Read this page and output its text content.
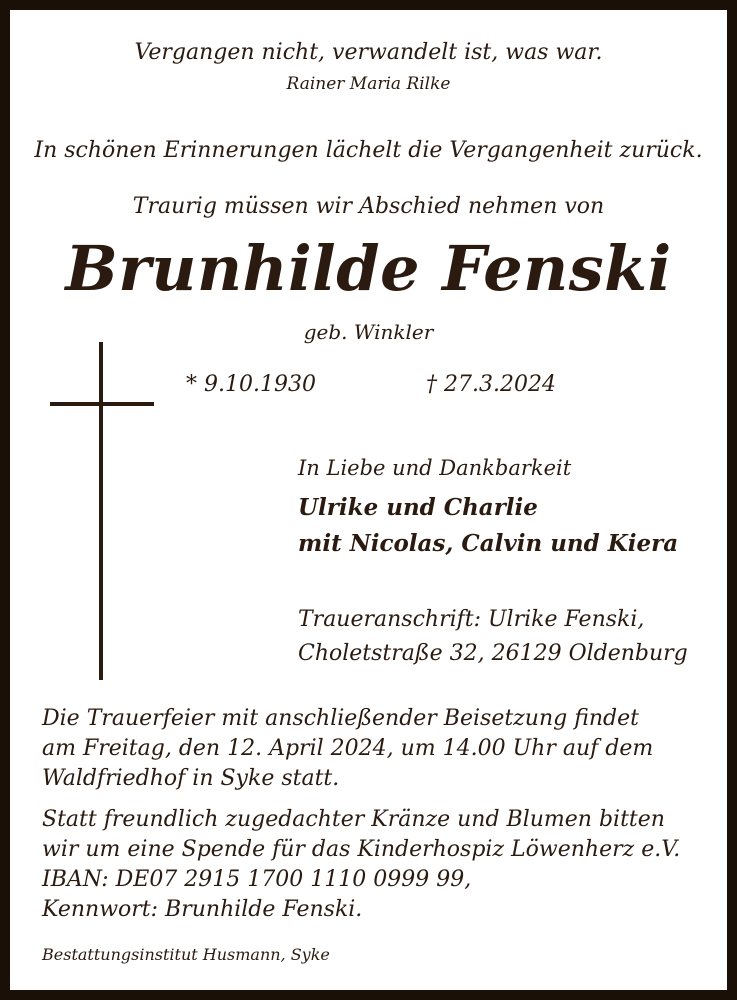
Vergangen nicht, verwandelt ist, was war.
Rainer Maria Rilke
In schönen Erinnerungen lächelt die Vergangenheit zurück.
Traurig müssen wir Abschied nehmen von
Brunhilde Fenski
geb. Winkler
* 9.10.1930	† 27.3.2024
In Liebe und Dankbarkeit
Ulrike und Charlie
mit Nicolas, Calvin und Kiera
Traueranschrift: Ulrike Fenski,
Choletstraße 32, 26129 Oldenburg
Die Trauerfeier mit anschließender Beisetzung findet
am Freitag, den 12. April 2024, um 14.00 Uhr auf dem
Waldfriedhof in Syke statt.
Statt freundlich zugedachter Kränze und Blumen bitten
wir um eine Spende für das Kinderhospiz Löwenherz e.V.
IBAN: DE07 2915 1700 1110 0999 99,
Kennwort: Brunhilde Fenski.
Bestattungsinstitut Husmann, Syke
